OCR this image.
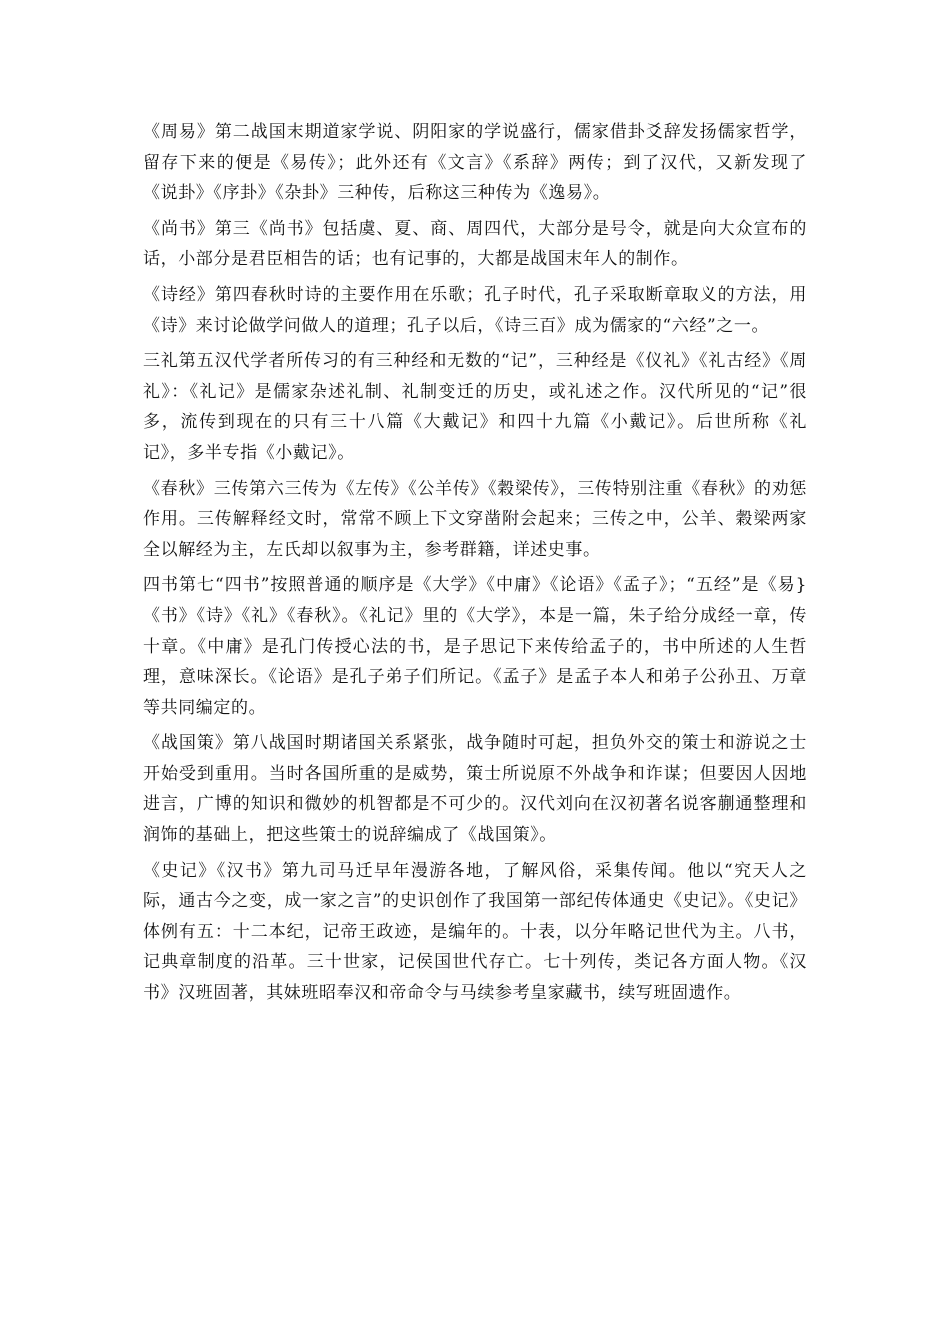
《周易》第二战国末期道家学说、阴阳家的学说盛行，儒家借卦爻辞发扬儒家哲学，留存下来的便是《易传》；此外还有《文言》《系辞》两传；到了汉代，又新发现了《说卦》《序卦》《杂卦》三种传，后称这三种传为《逸易》。

《尚书》第三《尚书》包括虞、夏、商、周四代，大部分是号令，就是向大众宣布的话，小部分是君臣相告的话；也有记事的，大都是战国末年人的制作。

《诗经》第四春秋时诗的主要作用在乐歌；孔子时代，孔子采取断章取义的方法，用《诗》来讨论做学问做人的道理；孔子以后，《诗三百》成为儒家的“六经”之一。

三礼第五汉代学者所传习的有三种经和无数的“记”，三种经是《仪礼》《礼古经》《周礼》：《礼记》是儒家杂述礼制、礼制变迁的历史，或礼述之作。汉代所见的“记”很多，流传到现在的只有三十八篇《大戴记》和四十九篇《小戴记》。后世所称《礼记》，多半专指《小戴记》。

《春秋》三传第六三传为《左传》《公羊传》《穀梁传》，三传特别注重《春秋》的劝惩作用。三传解释经文时，常常不顾上下文穿凿附会起来；三传之中，公羊、穀梁两家全以解经为主，左氏却以叙事为主，参考群籍，详述史事。

四书第七“四书”按照普通的顺序是《大学》《中庸》《论语》《孟子》；“五经”是《易}《书》《诗》《礼》《春秋》。《礼记》里的《大学》，本是一篇，朱子给分成经一章，传十章。《中庸》是孔门传授心法的书，是子思记下来传给孟子的，书中所述的人生哲理，意味深长。《论语》是孔子弟子们所记。《孟子》是孟子本人和弟子公孙丑、万章等共同编定的。

《战国策》第八战国时期诸国关系紧张，战争随时可起，担负外交的策士和游说之士开始受到重用。当时各国所重的是威势，策士所说原不外战争和诈谋；但要因人因地进言，广博的知识和微妙的机智都是不可少的。汉代刘向在汉初著名说客蒯通整理和润饰的基础上，把这些策士的说辞编成了《战国策》。

《史记》《汉书》第九司马迁早年漫游各地，了解风俗，采集传闻。他以“究天人之际，通古今之变，成一家之言”的史识创作了我国第一部纪传体通史《史记》。《史记》体例有五：十二本纪，记帝王政迹，是编年的。十表，以分年略记世代为主。八书，记典章制度的沿革。三十世家，记侯国世代存亡。七十列传，类记各方面人物。《汉书》汉班固著，其妹班昭奉汉和帝命令与马续参考皇家藏书，续写班固遗作。
